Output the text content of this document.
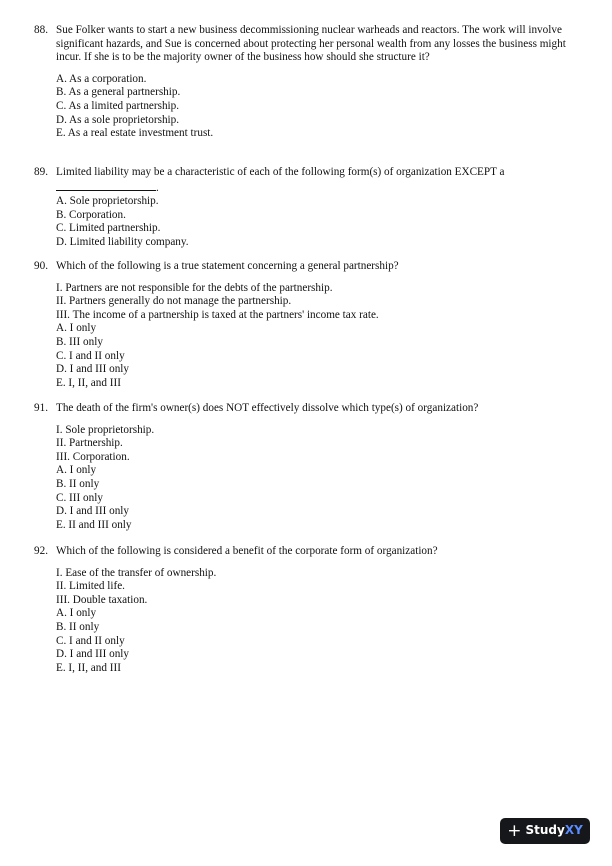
88. Sue Folker wants to start a new business decommissioning nuclear warheads and reactors. The work will involve significant hazards, and Sue is concerned about protecting her personal wealth from any losses the business might incur. If she is to be the majority owner of the business how should she structure it?
A. As a corporation.
B. As a general partnership.
C. As a limited partnership.
D. As a sole proprietorship.
E. As a real estate investment trust.
89. Limited liability may be a characteristic of each of the following form(s) of organization EXCEPT a
.
A. Sole proprietorship.
B. Corporation.
C. Limited partnership.
D. Limited liability company.
90. Which of the following is a true statement concerning a general partnership?
I. Partners are not responsible for the debts of the partnership.
II. Partners generally do not manage the partnership.
III. The income of a partnership is taxed at the partners' income tax rate.
A. I only
B. III only
C. I and II only
D. I and III only
E. I, II, and III
91. The death of the firm's owner(s) does NOT effectively dissolve which type(s) of organization?
I. Sole proprietorship.
II. Partnership.
III. Corporation.
A. I only
B. II only
C. III only
D. I and III only
E. II and III only
92. Which of the following is considered a benefit of the corporate form of organization?
I. Ease of the transfer of ownership.
II. Limited life.
III. Double taxation.
A. I only
B. II only
C. I and II only
D. I and III only
E. I, II, and III
+ StudyXY
